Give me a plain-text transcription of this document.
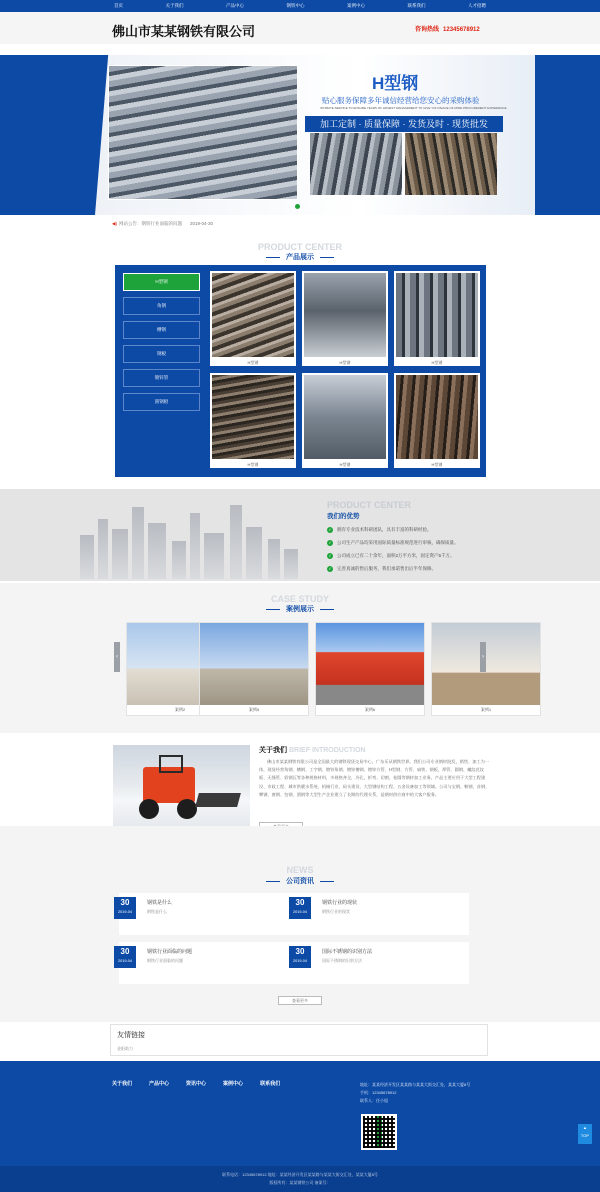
首页	关于我们	产品中心	钢铁中心	案例中心	联系我们	人才招聘
佛山市某某钢铁有限公司	咨询热线 12345678912
H型钢
贴心服务保障多年诚信经营给您安心的采购体验
INTIMATE SERVICE TO ENSURE YEARS OF HONEST MANAGEMENT TO GIVE YOU PEACE OF MIND PROCUREMENT EXPERIENCE
加工定制 · 质量保障 · 发货及时 · 现货批发
◀) 网站公告：钢铁行业面临的问题 2019-04-30
PRODUCT CENTER
产品展示
H型钢
角钢
槽钢
钢板
镀锌管
圆钢板
H型钢	H型钢	H型钢
H型钢	H型钢	H型钢
PRODUCT CENTER
我们的优势
✓ 拥有专业技术科研团队，具有丰富的科研经验。
✓ 公司生产产品均采用国际质量标准规范进行审核，确保质量。
✓ 公司成立已有二十余年，面积2万平方米，固定资产5千万。
✓ 完善真诚的售后服务，我们承诺售出后半年保修。
CASE STUDY
案例展示
‹
案例2	案例5	案例6	案例1
›
关于我们 BRIEF INTRODUCTION
佛山市某某钢铁有限公司是全国最大的钢铁现货交易中心，广东乐从钢铁世界。我们公司专业钢材批发、销售、加工为一体，现货经营角钢、槽钢、工字钢、镀锌角钢、镀锌槽钢、镀锌方管、H型钢、方管、扁铁、钢板、焊管、圆钢、螺纹花纹板、无缝管、彩钢瓦等各种规格材料，多规格齐全，冷孔、折弯、切割，卷圆等钢材加工业务。产品主要应用于大型工程建设、市政工程、城市供暖水系统、机械行业、码头建设、大型钢结构工程、五金设备加工等领域。公司与宝钢、鞍钢、首钢、攀钢、唐钢、包钢、酒钢等大型生产企业建立了长期的代理关系，是钢材供应商中的大客户服务。
NEWS
公司资讯
30
2019-04
钢铁是什么
钢铁是什么
30
2019-04
钢铁行业的现状
钢铁行业的现状
30
2019-04
钢铁行业面临的问题
钢铁行业面临的问题
30
2019-04
国际不锈钢的识别方法
国际不锈钢的识别方法
查看更多
友情链接
金阳助力
关于我们	产品中心	资讯中心	案例中心	联系我们	地址：某某经济开发区某某路与某某大街交汇处，某某大厦8号
手机：12345678912
联系人：任小姐
▲
TOP
联系电话：12345678912 地址：某某经济开发区某某路与某某大街交汇处，某某大厦8号
版权所有：某某钢铁公司 备案号：
